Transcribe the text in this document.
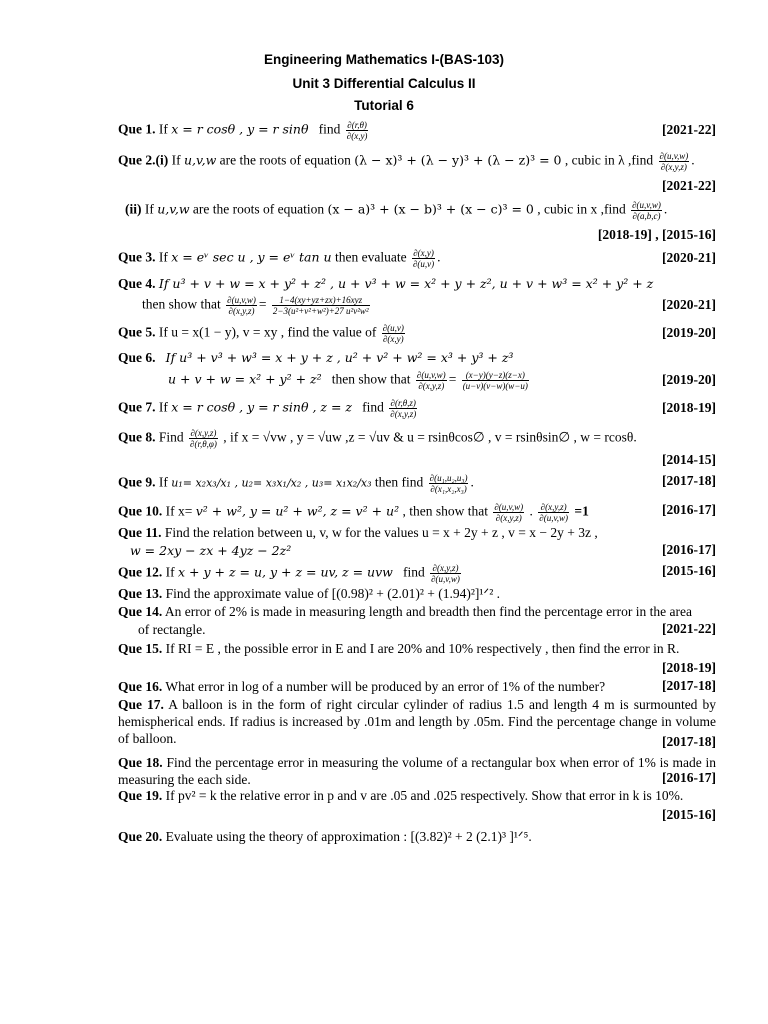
Engineering Mathematics I-(BAS-103)
Unit 3 Differential Calculus II
Tutorial 6
Que 1. If x = r cosθ , y = r sinθ find $\frac{\partial(r,\theta)}{\partial(x,y)}$	[2021-22]
Que 2.(i) If u,v,w are the roots of equation (λ − x)³ + (λ − y)³ + (λ − z)³ = 0 , cubic in λ ,find $\frac{\partial(u,v,w)}{\partial(x,y,z)}$ .
[2021-22]
(ii) If u,v,w are the roots of equation (x − a)³ + (x − b)³ + (x − c)³ = 0 , cubic in x ,find $\frac{\partial(u,v,w)}{\partial(a,b,c)}$ .
[2018-19] , [2015-16]
Que 3. If x = eᵛ sec u , y = eᵛ tan u then evaluate $\frac{\partial(x,y)}{\partial(u,v)}$ .	[2020-21]
Que 4. If u³ + v + w = x + y² + z² , u + v³ + w = x² + y + z², u + v + w³ = x² + y² + z
then show that $\frac{\partial(u,v,w)}{\partial(x,y,z)} = \frac{\text{1−4(xy+yz+zx)+16xyz}}{\text{2−3(u²+v²+w²)+27 u²v²w²}}$	[2020-21]
Que 5. If u = x(1 − y), v = xy , find the value of $\frac{\partial(u,v)}{\partial(x,y)}$	[2019-20]
Que 6. If u³ + v³ + w³ = x + y + z , u² + v² + w² = x³ + y³ + z³
u + v + w = x² + y² + z² then show that $\frac{\partial(u,v,w)}{\partial(x,y,z)} = \frac{(x-y)(y-z)(z-x)}{(u-v)(v-w)(w-u)}$	[2019-20]
Que 7. If x = r cosθ , y = r sinθ , z = z find $\frac{\partial(r,\theta,z)}{\partial(x,y,z)}$	[2018-19]
Que 8. Find $\frac{\partial(x,y,z)}{\partial(r,\theta,\varphi)}$ , if x = √vw , y = √uw ,z = √uv & u = rsinθcos∅ , v = rsinθsin∅ , w = rcosθ.
[2014-15]
Que 9. If u₁= x₂x₃/x₁ , u₂= x₃x₁/x₂ , u₃= x₁x₂/x₃ then find $\frac{\text{∂(u₁,u₂,u₃)}}{\text{∂(x₁,x₂,x₃)}}$ .	[2017-18]
Que 10. If x= v² + w², y = u² + w², z = v² + u² , then show that $\frac{\partial(u,v,w)}{\partial(x,y,z)}$ . $\frac{\partial(x,y,z)}{\partial(u,v,w)} =1$	[2016-17]
Que 11. Find the relation between u, v, w for the values u = x + 2y + z , v = x − 2y + 3z ,
w = 2xy − zx + 4yz − 2z²	[2016-17]
Que 12. If x + y + z = u, y + z = uv, z = uvw find $\frac{\partial(x,y,z)}{\partial(u,v,w)}$	[2015-16]
Que 13. Find the approximate value of [(0.98)² + (2.01)² + (1.94)²]¹ᐟ² .
Que 14. An error of 2% is made in measuring length and breadth then find the percentage error in the area
of rectangle.	[2021-22]
Que 15. If RI = E , the possible error in E and I are 20% and 10% respectively , then find the error in R.
[2018-19]
Que 16. What error in log of a number will be produced by an error of 1% of the number?	[2017-18]
Que 17. A balloon is in the form of right circular cylinder of radius 1.5 and length 4 m is surmounted by hemispherical ends. If radius is increased by .01m and length by .05m. Find the percentage change in volume of balloon.	[2017-18]
Que 18. Find the percentage error in measuring the volume of a rectangular box when error of 1% is made in measuring the each side.	[2016-17]
Que 19. If pv² = k the relative error in p and v are .05 and .025 respectively. Show that error in k is 10%.
[2015-16]
Que 20. Evaluate using the theory of approximation : [(3.82)² + 2 (2.1)³ ]¹ᐟ⁵.
